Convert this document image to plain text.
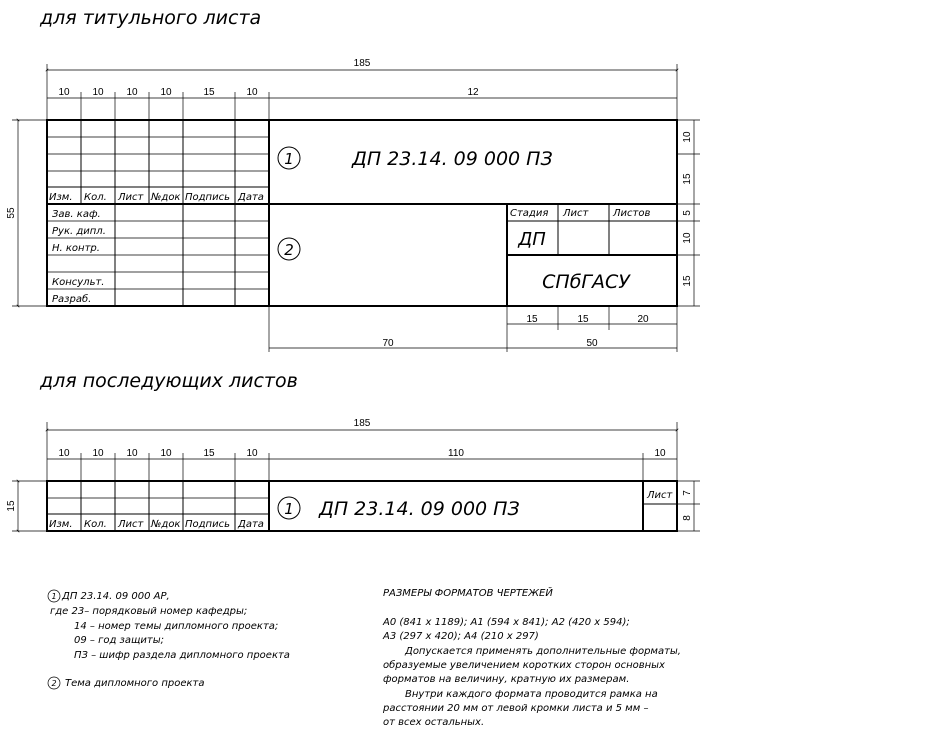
для титульного листа
185
10 10 10 10	15	10	12
55
10
15
5
10
15
15	15	20
70	50
Изм. Кол. Лист №док Подпись Дата
Зав. каф.
Рук. дипл.
Н. контр.
Консульт.
Разраб.
1	ДП 23.14. 09 000 ПЗ
2
Стадия Лист Листов
ДП
СПбГАСУ
для последующих листов
185
10 10 10 10	15	10	110	10
15
7
8
Изм. Кол. Лист №док Подпись Дата
1 ДП 23.14. 09 000 ПЗ
Лист
1 ДП 23.14. 09 000 АР,
где 23– порядковый номер кафедры;
14 – номер темы дипломного проекта;
09 – год защиты;
ПЗ – шифр раздела дипломного проекта
2 Тема дипломного проекта
РАЗМЕРЫ ФОРМАТОВ ЧЕРТЕЖЕЙ
А0 (841 х 1189); А1 (594 х 841); А2 (420 х 594);
А3 (297 х 420); А4 (210 х 297)
Допускается применять дополнительные форматы,
образуемые увеличением коротких сторон основных
форматов на величину, кратную их размерам.
Внутри каждого формата проводится рамка на
расстоянии 20 мм от левой кромки листа и 5 мм –
от всех остальных.
